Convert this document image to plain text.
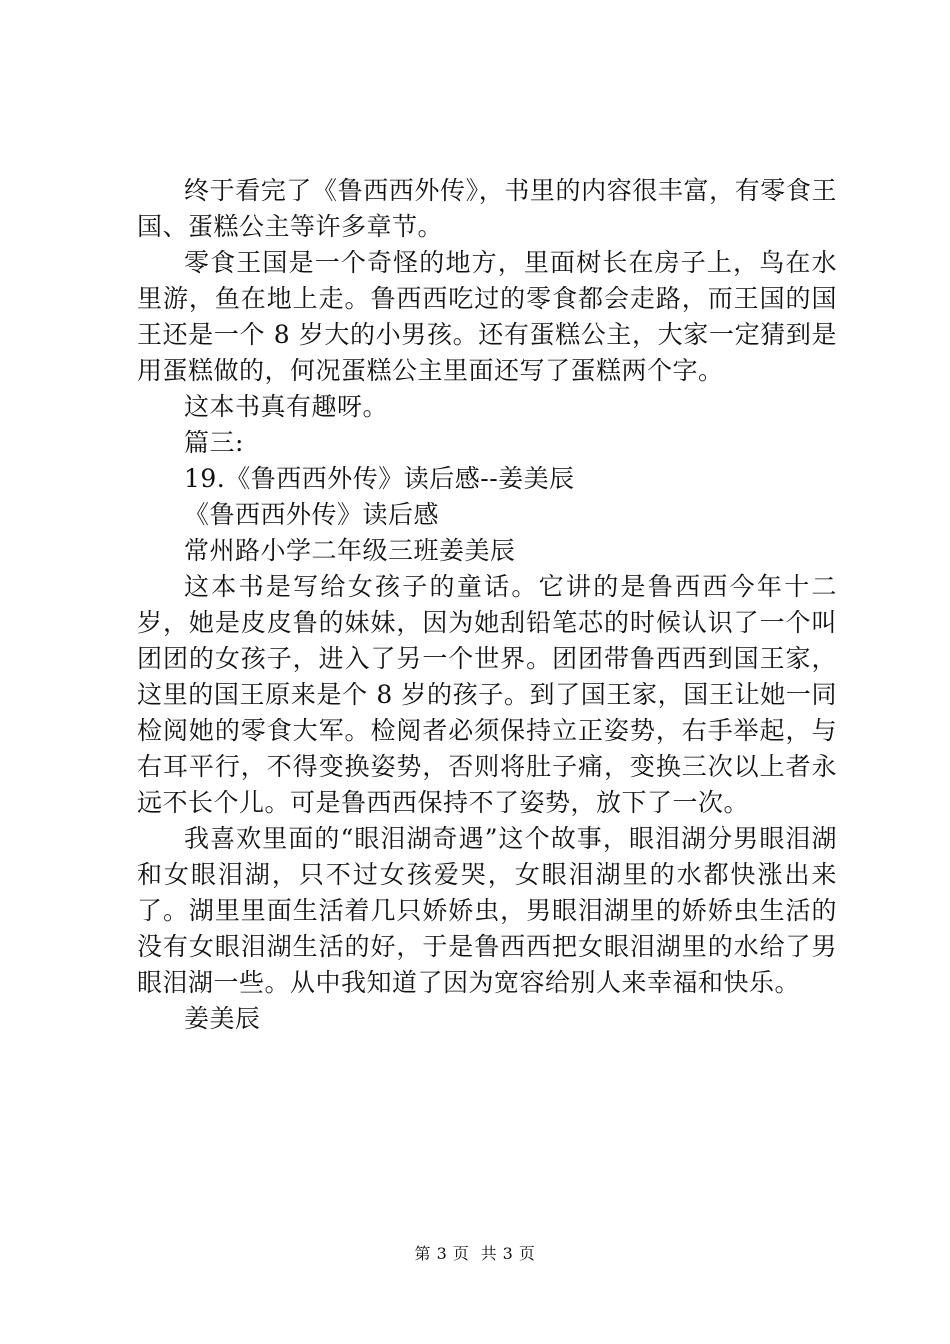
终于看完了《鲁西西外传》，书里的内容很丰富，有零食王国、蛋糕公主等许多章节。

零食王国是一个奇怪的地方，里面树长在房子上，鸟在水里游，鱼在地上走。鲁西西吃过的零食都会走路，而王国的国王还是一个 8 岁大的小男孩。还有蛋糕公主，大家一定猜到是用蛋糕做的，何况蛋糕公主里面还写了蛋糕两个字。

这本书真有趣呀。

篇三:

19.《鲁西西外传》读后感--姜美辰

《鲁西西外传》读后感

常州路小学二年级三班姜美辰

这本书是写给女孩子的童话。它讲的是鲁西西今年十二岁，她是皮皮鲁的妹妹，因为她刮铅笔芯的时候认识了一个叫团团的女孩子，进入了另一个世界。团团带鲁西西到国王家，这里的国王原来是个 8 岁的孩子。到了国王家，国王让她一同检阅她的零食大军。检阅者必须保持立正姿势，右手举起，与右耳平行，不得变换姿势，否则将肚子痛，变换三次以上者永远不长个儿。可是鲁西西保持不了姿势，放下了一次。

我喜欢里面的“眼泪湖奇遇”这个故事，眼泪湖分男眼泪湖和女眼泪湖，只不过女孩爱哭，女眼泪湖里的水都快涨出来了。湖里里面生活着几只娇娇虫，男眼泪湖里的娇娇虫生活的没有女眼泪湖生活的好，于是鲁西西把女眼泪湖里的水给了男眼泪湖一些。从中我知道了因为宽容给别人来幸福和快乐。

姜美辰

第 3 页  共 3 页
